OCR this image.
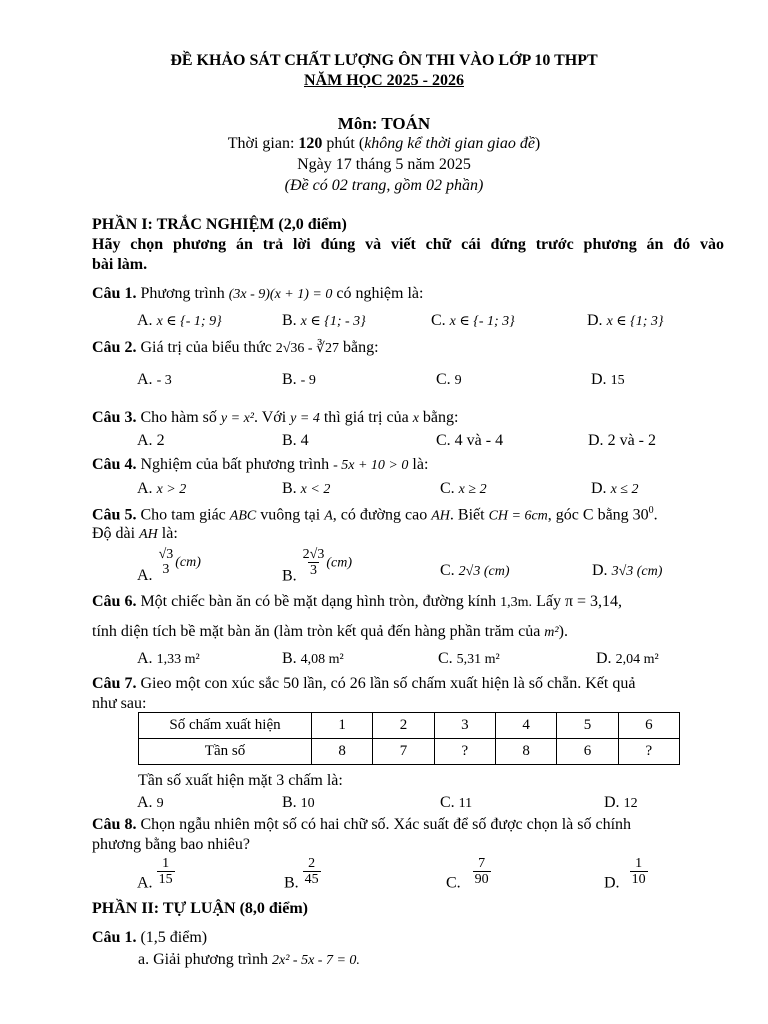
ĐỀ KHẢO SÁT CHẤT LƯỢNG ÔN THI VÀO LỚP 10 THPT
NĂM HỌC 2025 - 2026
Môn: TOÁN
Thời gian: 120 phút (không kể thời gian giao đề)
Ngày 17 tháng 5 năm 2025
(Đề có 02 trang, gồm 02 phần)
PHẦN I: TRẮC NGHIỆM (2,0 điểm)
Hãy chọn phương án trả lời đúng và viết chữ cái đứng trước phương án đó vào
bài làm.
Câu 1. Phương trình (3x - 9)(x + 1) = 0 có nghiệm là:
A. x ∈ {- 1; 9}	B. x ∈ {1; - 3}	C. x ∈ {- 1; 3}	D. x ∈ {1; 3}
Câu 2. Giá trị của biểu thức 2√36 - ∛27 bằng:
A. - 3	B. - 9	C. 9	D. 15
Câu 3. Cho hàm số y = x². Với y = 4 thì giá trị của x bằng:
A. 2	B. 4	C. 4 và - 4	D. 2 và - 2
Câu 4. Nghiệm của bất phương trình - 5x + 10 > 0 là:
A. x > 2	B. x < 2	C. x ≥ 2	D. x ≤ 2
Câu 5. Cho tam giác ABC vuông tại A, có đường cao AH. Biết CH = 6cm, góc C bằng $30^0$.
Độ dài AH là:
A.
√3
3 (cm)
B. $\frac{2√3}{3} (cm)$	C. 2√3 (cm)	D. 3√3 (cm)
Câu 6. Một chiếc bàn ăn có bề mặt dạng hình tròn, đường kính 1,3m. Lấy π = 3,14,
tính diện tích bề mặt bàn ăn (làm tròn kết quả đến hàng phần trăm của m²).
A. 1,33 m²	B. 4,08 m²	C. 5,31 m²	D. 2,04 m²
Câu 7. Gieo một con xúc sắc 50 lần, có 26 lần số chấm xuất hiện là số chẵn. Kết quả
như sau:
Số chấm xuất hiện	1	2	3	4	5	6
Tần số	8	7	?	8	6	?
Tần số xuất hiện mặt 3 chấm là:
A. 9	B. 10	C. 11	D. 12
Câu 8. Chọn ngẫu nhiên một số có hai chữ số. Xác suất để số được chọn là số chính
phương bằng bao nhiêu?
A. $\frac{1}{15}$	B. $\frac{2}{45}$	C. $\frac{7}{90}$	D. $\frac{1}{10}$
PHẦN II: TỰ LUẬN (8,0 điểm)
Câu 1. (1,5 điểm)
a. Giải phương trình 2x² - 5x - 7 = 0.
